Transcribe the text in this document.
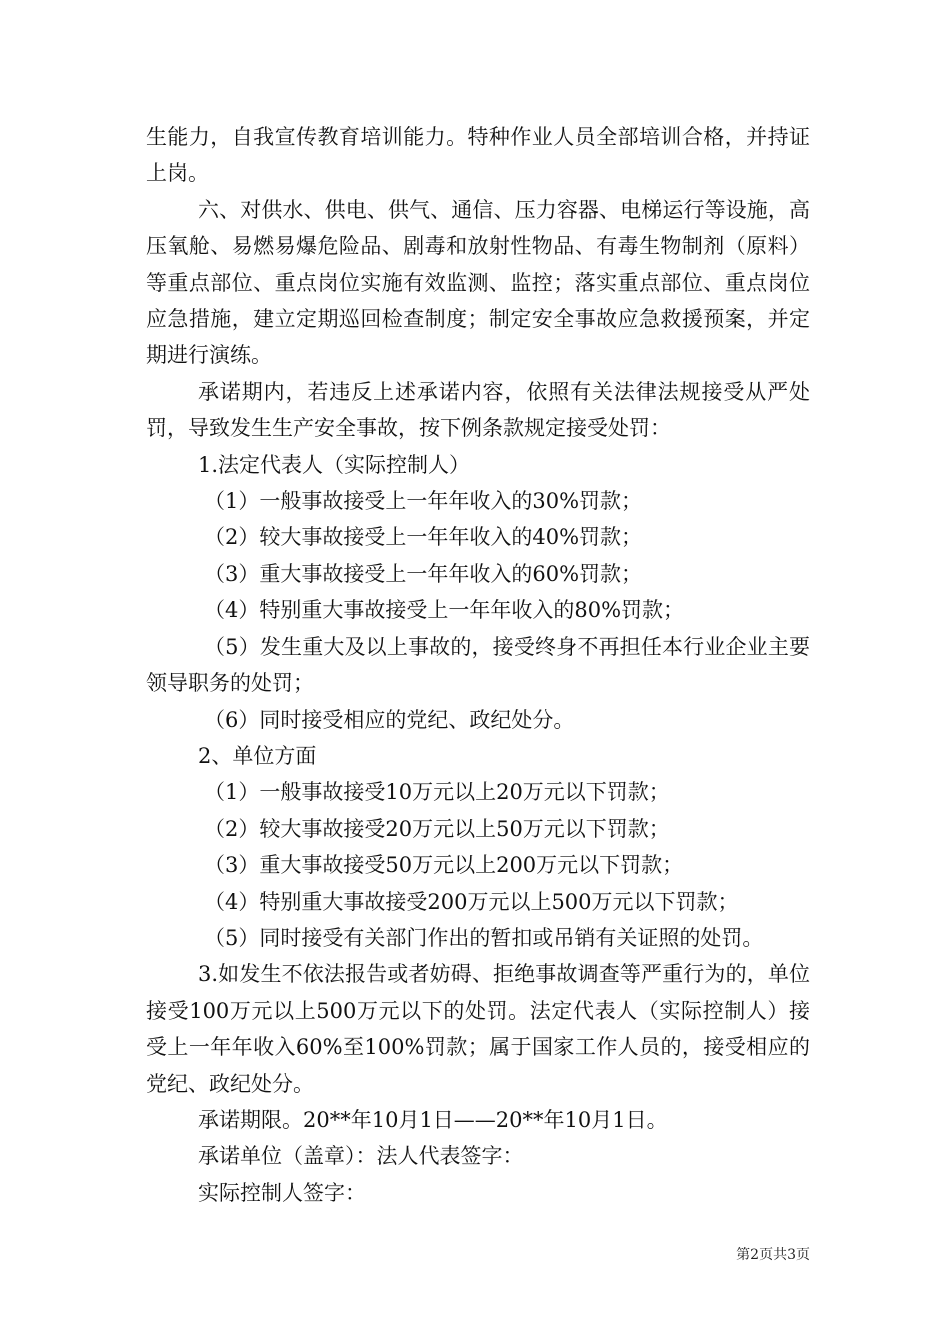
生能力，自我宣传教育培训能力。特种作业人员全部培训合格，并持证上岗。

六、对供水、供电、供气、通信、压力容器、电梯运行等设施，高压氧舱、易燃易爆危险品、剧毒和放射性物品、有毒生物制剂（原料）等重点部位、重点岗位实施有效监测、监控；落实重点部位、重点岗位应急措施，建立定期巡回检查制度；制定安全事故应急救援预案，并定期进行演练。

承诺期内，若违反上述承诺内容，依照有关法律法规接受从严处罚，导致发生生产安全事故，按下例条款规定接受处罚：

1.法定代表人（实际控制人）

（1）一般事故接受上一年年收入的30%罚款；

（2）较大事故接受上一年年收入的40%罚款；

（3）重大事故接受上一年年收入的60%罚款；

（4）特别重大事故接受上一年年收入的80%罚款；

（5）发生重大及以上事故的，接受终身不再担任本行业企业主要领导职务的处罚；

（6）同时接受相应的党纪、政纪处分。

2、单位方面

（1）一般事故接受10万元以上20万元以下罚款；

（2）较大事故接受20万元以上50万元以下罚款；

（3）重大事故接受50万元以上200万元以下罚款；

（4）特别重大事故接受200万元以上500万元以下罚款；

（5）同时接受有关部门作出的暂扣或吊销有关证照的处罚。

3.如发生不依法报告或者妨碍、拒绝事故调查等严重行为的，单位接受100万元以上500万元以下的处罚。法定代表人（实际控制人）接受上一年年收入60%至100%罚款；属于国家工作人员的，接受相应的党纪、政纪处分。

承诺期限。20**年10月1日——20**年10月1日。

承诺单位（盖章）：法人代表签字：

实际控制人签字：

第2页共3页
